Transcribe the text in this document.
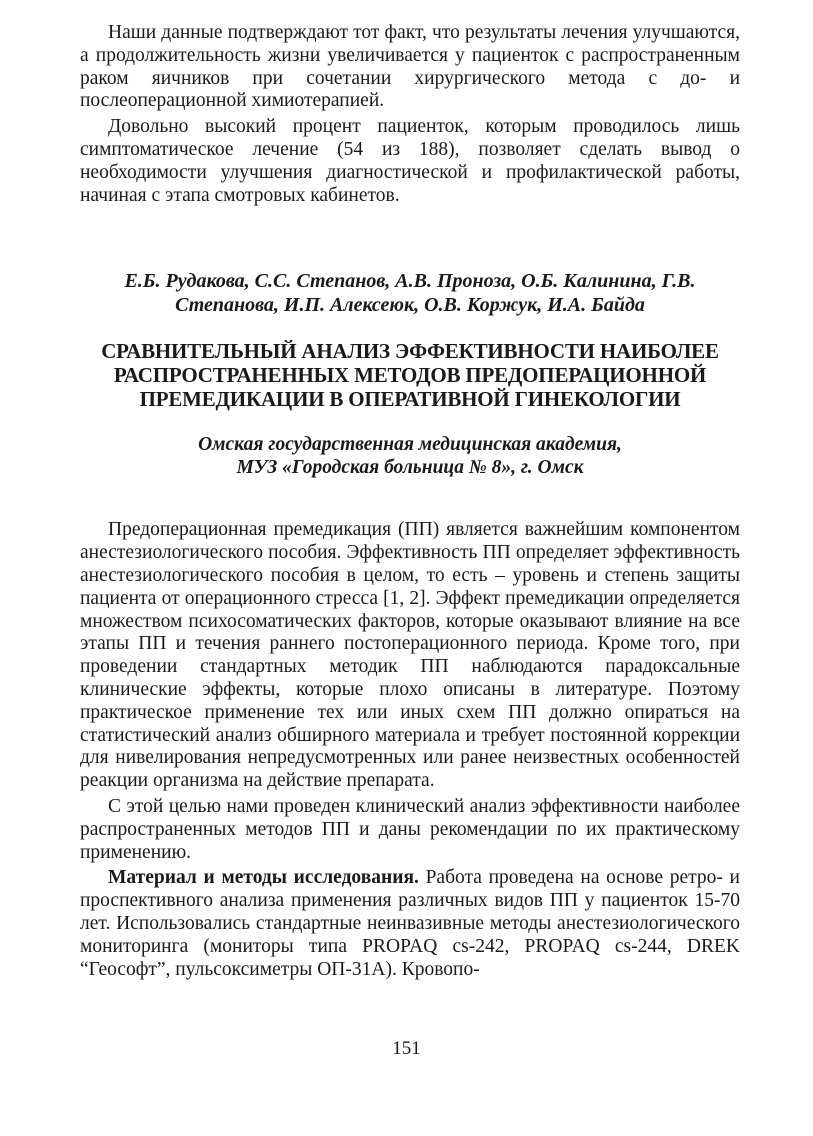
Наши данные подтверждают тот факт, что результаты лечения улучшаются, а продолжительность жизни увеличивается у пациенток с распространенным раком яичников при сочетании хирургического метода с до- и послеоперационной химиотерапией.

Довольно высокий процент пациенток, которым проводилось лишь симптоматическое лечение (54 из 188), позволяет сделать вывод о необходимости улучшения диагностической и профилактической работы, начиная с этапа смотровых кабинетов.

Е.Б. Рудакова, С.С. Степанов, А.В. Проноза, О.Б. Калинина, Г.В.
Степанова, И.П. Алексеюк, О.В. Коржук, И.А. Байда

СРАВНИТЕЛЬНЫЙ АНАЛИЗ ЭФФЕКТИВНОСТИ НАИБОЛЕЕ
РАСПРОСТРАНЕННЫХ МЕТОДОВ ПРЕДОПЕРАЦИОННОЙ
ПРЕМЕДИКАЦИИ В ОПЕРАТИВНОЙ ГИНЕКОЛОГИИ

Омская государственная медицинская академия,
МУЗ «Городская больница № 8», г. Омск

Предоперационная премедикация (ПП) является важнейшим компонентом анестезиологического пособия. Эффективность ПП определяет эффективность анестезиологического пособия в целом, то есть – уровень и степень защиты пациента от операционного стресса [1, 2]. Эффект премедикации определяется множеством психосоматических факторов, которые оказывают влияние на все этапы ПП и течения раннего постоперационного периода. Кроме того, при проведении стандартных методик ПП наблюдаются парадоксальные клинические эффекты, которые плохо описаны в литературе. Поэтому практическое применение тех или иных схем ПП должно опираться на статистический анализ обширного материала и требует постоянной коррекции для нивелирования непредусмотренных или ранее неизвестных особенностей реакции организма на действие препарата.

С этой целью нами проведен клинический анализ эффективности наиболее распространенных методов ПП и даны рекомендации по их практическому применению.

Материал и методы исследования. Работа проведена на основе ретро- и проспективного анализа применения различных видов ПП у пациенток 15-70 лет. Использовались стандартные неинвазивные методы анестезиологического мониторинга (мониторы типа PROPAQ cs-242, PROPAQ cs-244, DREK “Геософт”, пульсоксиметры ОП-31А). Кровопо-

151
